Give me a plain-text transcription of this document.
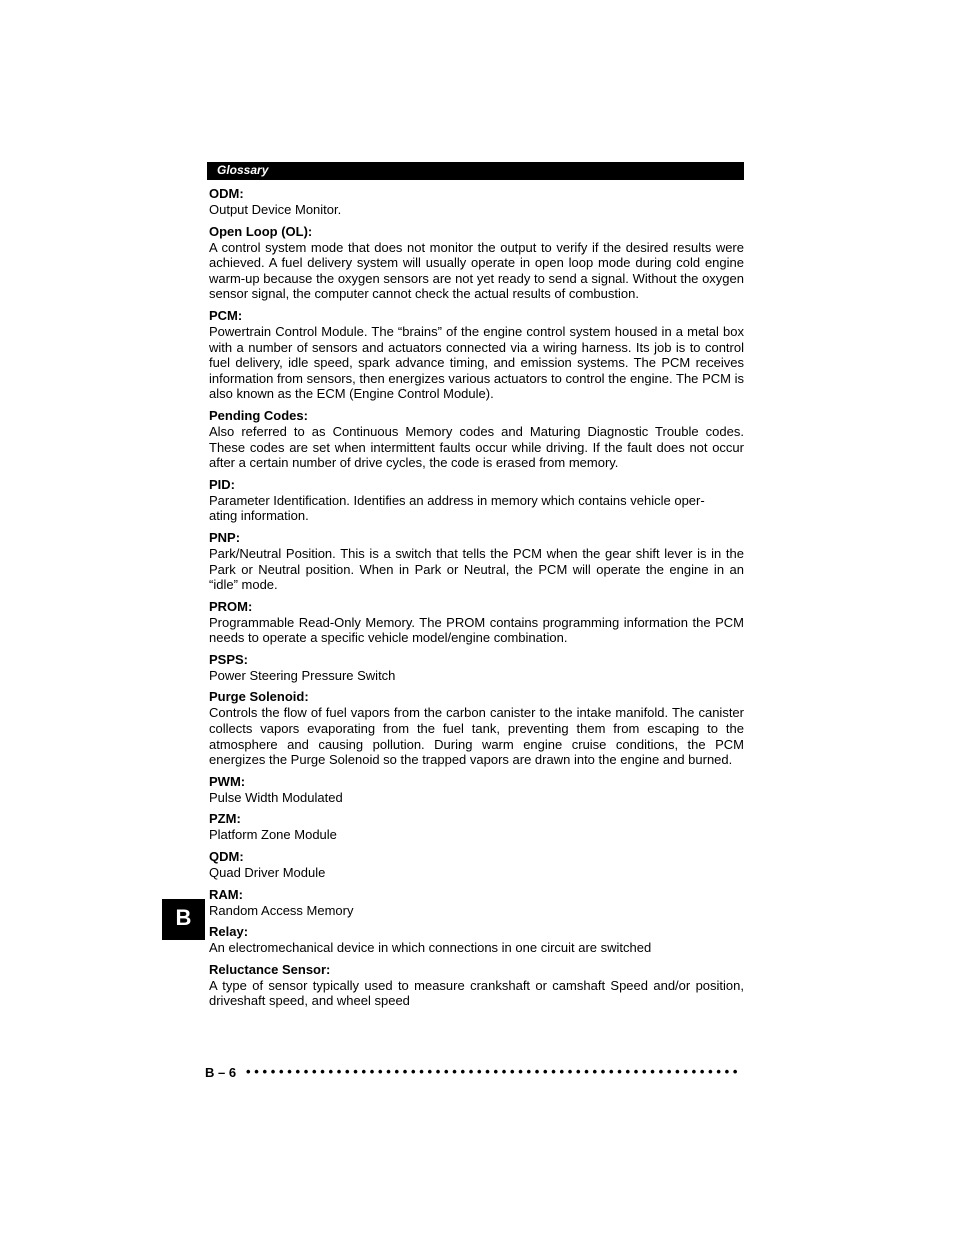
Glossary

ODM:

Output Device Monitor.

Open Loop (OL):

A control system mode that does not monitor the output to verify if the desired results were achieved. A fuel delivery system will usually operate in open loop mode during cold engine warm-up because the oxygen sensors are not yet ready to send a signal. Without the oxygen sensor signal, the computer cannot check the actual results of combustion.

PCM:

Powertrain Control Module. The “brains” of the engine control system housed in a metal box with a number of sensors and actuators connected via a wiring harness. Its job is to control fuel delivery, idle speed, spark advance timing, and emission systems. The PCM receives information from sensors, then energizes various actuators to control the engine. The PCM is also known as the ECM (Engine Control Module).

Pending Codes:

Also referred to as Continuous Memory codes and Maturing Diagnostic Trouble codes. These codes are set when intermittent faults occur while driving. If the fault does not occur after a certain number of drive cycles, the code is erased from memory.

PID:

Parameter Identification. Identifies an address in memory which contains vehicle oper-
ating information.

PNP:

Park/Neutral Position. This is a switch that tells the PCM when the gear shift lever is in the Park or Neutral position. When in Park or Neutral, the PCM will operate the engine in an “idle” mode.

PROM:

Programmable Read-Only Memory. The PROM contains programming information the PCM needs to operate a specific vehicle model/engine combination.

PSPS:

Power Steering Pressure Switch

Purge Solenoid:

Controls the flow of fuel vapors from the carbon canister to the intake manifold. The canister collects vapors evaporating from the fuel tank, preventing them from escaping to the atmosphere and causing pollution. During warm engine cruise conditions, the PCM energizes the Purge Solenoid so the trapped vapors are drawn into the engine and burned.

PWM:

Pulse Width Modulated

PZM:

Platform Zone Module

QDM:

Quad Driver Module

RAM:

Random Access Memory

Relay:

An electromechanical device in which connections in one circuit are switched

Reluctance Sensor:

A type of sensor typically used to measure crankshaft or camshaft Speed and/or position, driveshaft speed, and wheel speed

B
B – 6 ••••••••••••••••••••••••••••••••••••••••••••••••••••••••••••
